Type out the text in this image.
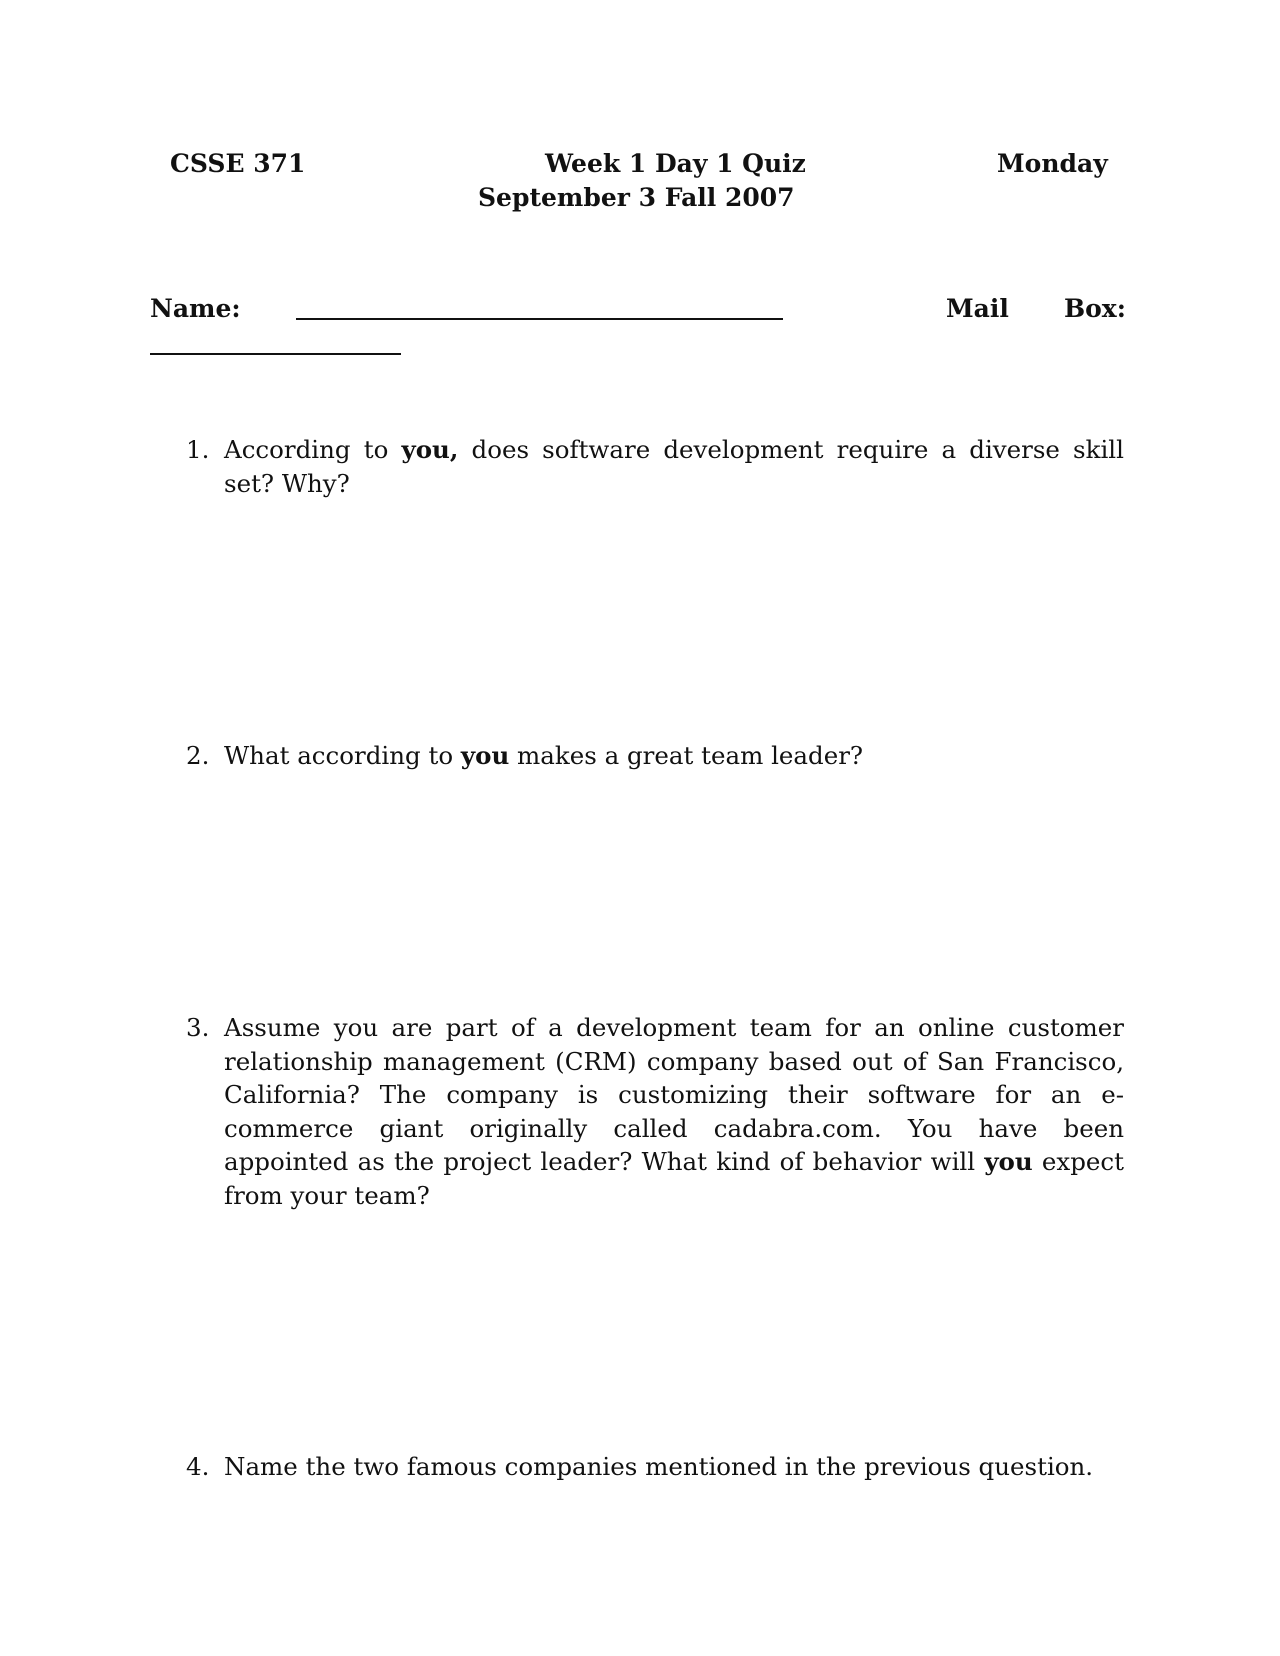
CSSE 371	Week 1 Day 1 Quiz	Monday
September 3 Fall 2007
Name:	Mail Box:
1. According to you, does software development require a diverse skill set? Why?
2. What according to you makes a great team leader?
3. Assume you are part of a development team for an online customer relationship management (CRM) company based out of San Francisco, California? The company is customizing their software for an e-commerce giant originally called cadabra.com. You have been appointed as the project leader? What kind of behavior will you expect from your team?
4. Name the two famous companies mentioned in the previous question.
